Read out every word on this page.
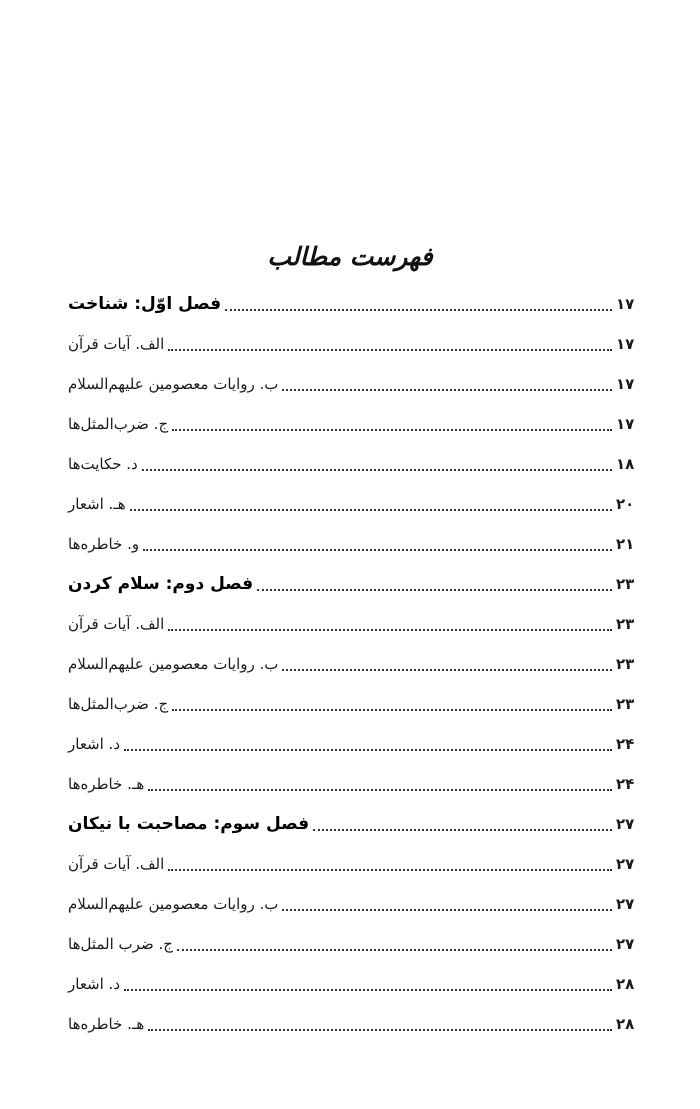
فهرست مطالب
فصل اوّل: شناخت	۱۷
الف. آیات قرآن	۱۷
ب. روایات معصومین علیهم‌السلام	۱۷
ج. ضرب‌المثل‌ها	۱۷
د. حکایت‌ها	۱۸
هـ. اشعار	۲۰
و. خاطره‌ها	۲۱
فصل دوم: سلام کردن	۲۳
الف. آیات قرآن	۲۳
ب. روایات معصومین علیهم‌السلام	۲۳
ج. ضرب‌المثل‌ها	۲۳
د. اشعار	۲۴
هـ. خاطره‌ها	۲۴
فصل سوم: مصاحبت با نیکان	۲۷
الف. آیات قرآن	۲۷
ب. روایات معصومین علیهم‌السلام	۲۷
ج. ضرب المثل‌ها	۲۷
د. اشعار	۲۸
هـ. خاطره‌ها	۲۸
